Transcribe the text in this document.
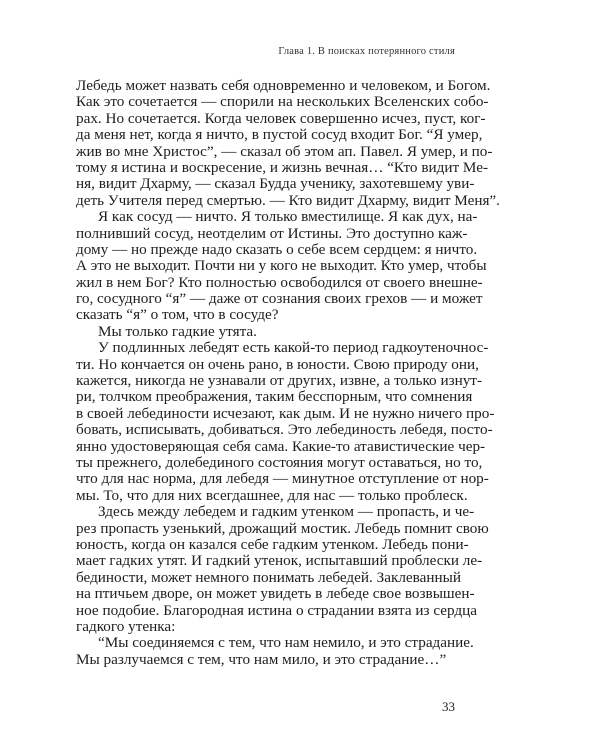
Глава 1. В поисках потерянного стиля
Лебедь может назвать себя одновременно и человеком, и Богом.
Как это сочетается — спорили на нескольких Вселенских собо-
рах. Но сочетается. Когда человек совершенно исчез, пуст, ког-
да меня нет, когда я ничто, в пустой сосуд входит Бог. “Я умер,
жив во мне Христос”, — сказал об этом ап. Павел. Я умер, и по-
тому я истина и воскресение, и жизнь вечная… “Кто видит Ме-
ня, видит Дхарму, — сказал Будда ученику, захотевшему уви-
деть Учителя перед смертью. — Кто видит Дхарму, видит Меня”.
Я как сосуд — ничто. Я только вместилище. Я как дух, на-
полнивший сосуд, неотделим от Истины. Это доступно каж-
дому — но прежде надо сказать о себе всем сердцем: я ничто.
А это не выходит. Почти ни у кого не выходит. Кто умер, чтобы
жил в нем Бог? Кто полностью освободился от своего внешне-
го, сосудного “я” — даже от сознания своих грехов — и может
сказать “я” о том, что в сосуде?
Мы только гадкие утята.
У подлинных лебедят есть какой-то период гадкоутеночнос-
ти. Но кончается он очень рано, в юности. Свою природу они,
кажется, никогда не узнавали от других, извне, а только изнут-
ри, толчком преображения, таким бесспорным, что сомнения
в своей лебединости исчезают, как дым. И не нужно ничего про-
бовать, исписывать, добиваться. Это лебединость лебедя, посто-
янно удостоверяющая себя сама. Какие-то атавистические чер-
ты прежнего, долебединого состояния могут оставаться, но то,
что для нас норма, для лебедя — минутное отступление от нор-
мы. То, что для них всегдашнее, для нас — только проблеск.
Здесь между лебедем и гадким утенком — пропасть, и че-
рез пропасть узенький, дрожащий мостик. Лебедь помнит свою
юность, когда он казался себе гадким утенком. Лебедь пони-
мает гадких утят. И гадкий утенок, испытавший проблески ле-
бединости, может немного понимать лебедей. Заклеванный
на птичьем дворе, он может увидеть в лебеде свое возвышен-
ное подобие. Благородная истина о страдании взята из сердца
гадкого утенка:
“Мы соединяемся с тем, что нам немило, и это страдание.
Мы разлучаемся с тем, что нам мило, и это страдание…”
33
